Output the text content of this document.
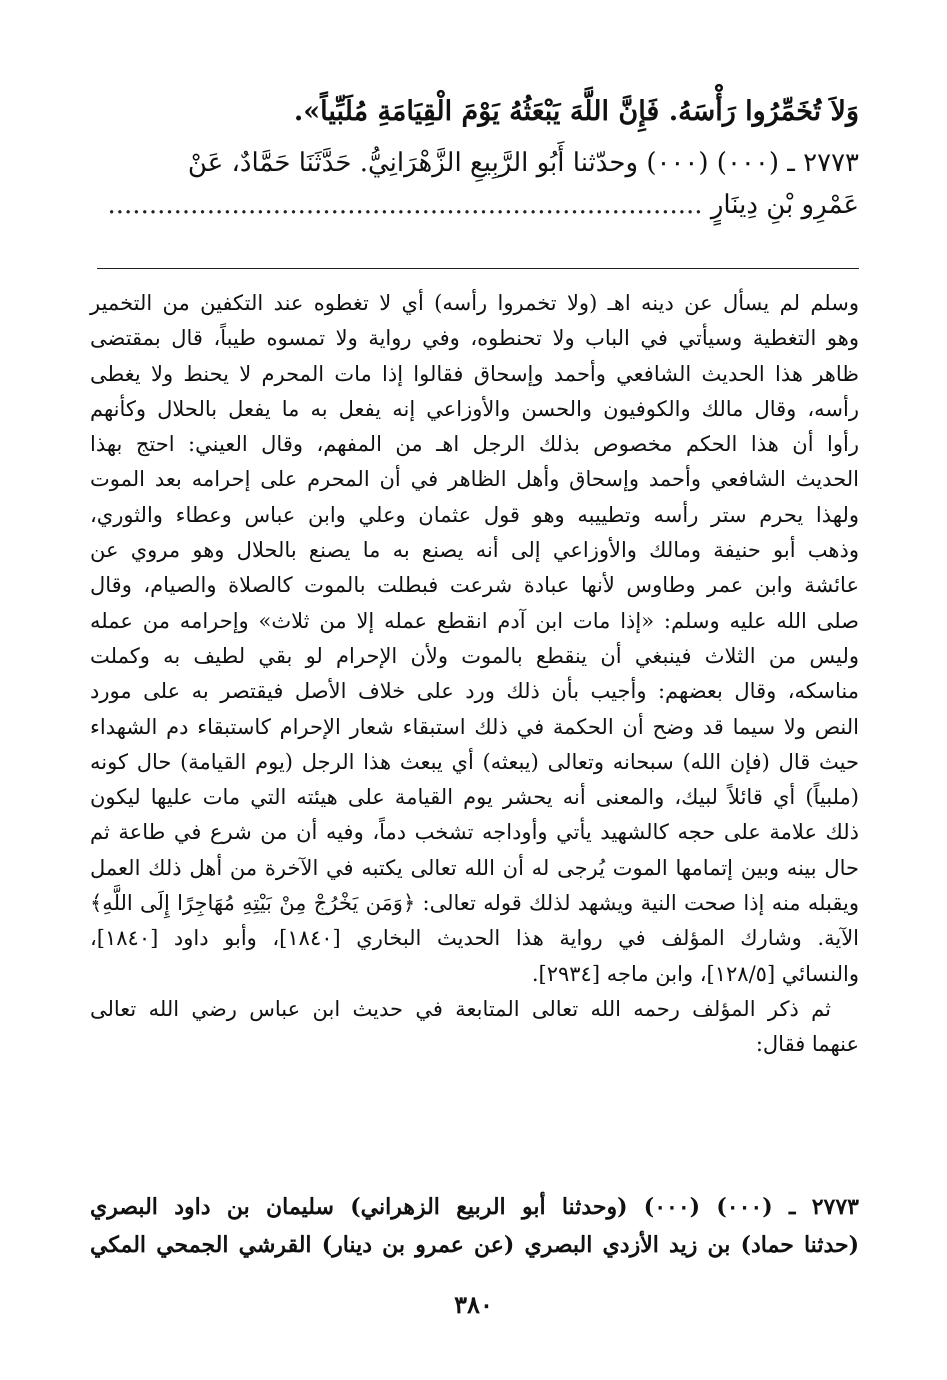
وَلاَ تُخَمِّرُوا رَأْسَهُ. فَإِنَّ اللَّهَ يَبْعَثُهُ يَوْمَ الْقِيَامَةِ مُلَبِّياً».
٢٧٧٣ ـ (٠٠٠) (٠٠٠) وحدّثنا أَبُو الرَّبِيعِ الزَّهْرَانِيُّ. حَدَّثَنَا حَمَّادٌ، عَنْ
عَمْرِو بْنِ دِينَارٍ ........................................................................
وسلم لم يسأل عن دينه اهـ (ولا تخمروا رأسه) أي لا تغطوه عند التكفين من التخمير
وهو التغطية وسيأتي في الباب ولا تحنطوه، وفي رواية ولا تمسوه طيباً، قال بمقتضى
ظاهر هذا الحديث الشافعي وأحمد وإسحاق فقالوا إذا مات المحرم لا يحنط ولا يغطى
رأسه، وقال مالك والكوفيون والحسن والأوزاعي إنه يفعل به ما يفعل بالحلال وكأنهم
رأوا أن هذا الحكم مخصوص بذلك الرجل اهـ من المفهم، وقال العيني: احتج بهذا
الحديث الشافعي وأحمد وإسحاق وأهل الظاهر في أن المحرم على إحرامه بعد الموت
ولهذا يحرم ستر رأسه وتطييبه وهو قول عثمان وعلي وابن عباس وعطاء والثوري،
وذهب أبو حنيفة ومالك والأوزاعي إلى أنه يصنع به ما يصنع بالحلال وهو مروي عن
عائشة وابن عمر وطاوس لأنها عبادة شرعت فبطلت بالموت كالصلاة والصيام، وقال
صلى الله عليه وسلم: «إذا مات ابن آدم انقطع عمله إلا من ثلاث» وإحرامه من عمله
وليس من الثلاث فينبغي أن ينقطع بالموت ولأن الإحرام لو بقي لطيف به وكملت
مناسكه، وقال بعضهم: وأجيب بأن ذلك ورد على خلاف الأصل فيقتصر به على مورد
النص ولا سيما قد وضح أن الحكمة في ذلك استبقاء شعار الإحرام كاستبقاء دم الشهداء
حيث قال (فإن الله) سبحانه وتعالى (يبعثه) أي يبعث هذا الرجل (يوم القيامة) حال كونه
(ملبياً) أي قائلاً لبيك، والمعنى أنه يحشر يوم القيامة على هيئته التي مات عليها ليكون
ذلك علامة على حجه كالشهيد يأتي وأوداجه تشخب دماً، وفيه أن من شرع في طاعة ثم
حال بينه وبين إتمامها الموت يُرجى له أن الله تعالى يكتبه في الآخرة من أهل ذلك العمل
ويقبله منه إذا صحت النية ويشهد لذلك قوله تعالى: ﴿وَمَن يَخْرُجْ مِنْ بَيْتِهِ مُهَاجِرًا إِلَى اللَّهِ﴾
الآية. وشارك المؤلف في رواية هذا الحديث البخاري [١٨٤٠]، وأبو داود [١٨٤٠]،
والنسائي [١٢٨/٥]، وابن ماجه [٢٩٣٤].
ثم ذكر المؤلف رحمه الله تعالى المتابعة في حديث ابن عباس رضي الله تعالى
عنهما فقال:
٢٧٧٣ ـ (٠٠٠) (٠٠٠) (وحدثنا أبو الربيع الزهراني) سليمان بن داود البصري
(حدثنا حماد) بن زيد الأزدي البصري (عن عمرو بن دينار) القرشي الجمحي المكي
٣٨٠
